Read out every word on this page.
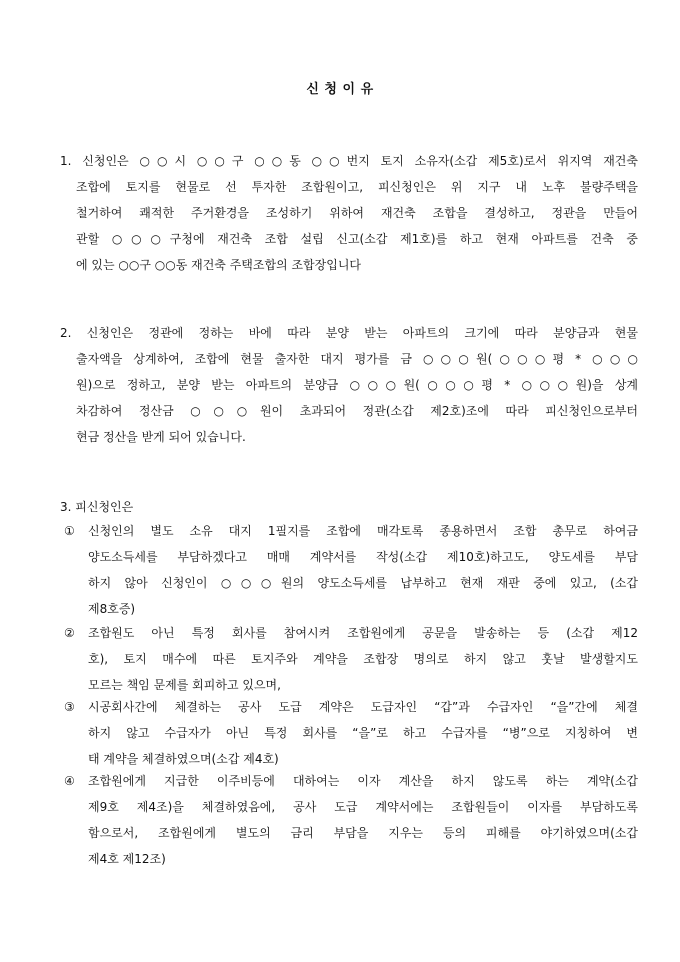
신 청 이 유
1. 신청인은 ○○시 ○○구 ○○동 ○○번지 토지 소유자(소갑 제5호)로서 위지역 재건축
조합에 토지를 현물로 선 투자한 조합원이고, 피신청인은 위 지구 내 노후 불량주택을
철거하여 쾌적한 주거환경을 조성하기 위하여 재건축 조합을 결성하고, 정관을 만들어
관할 ○○○구청에 재건축 조합 설립 신고(소갑 제1호)를 하고 현재 아파트를 건축 중
에 있는 ○○구 ○○동 재건축 주택조합의 조합장입니다
2. 신청인은 정관에 정하는 바에 따라 분양 받는 아파트의 크기에 따라 분양금과 현물
출자액을 상계하여, 조합에 현물 출자한 대지 평가를 금 ○○○원(○○○평 * ○○○
원)으로 정하고, 분양 받는 아파트의 분양금 ○○○원(○○○평 * ○○○원)을 상계
차감하여 정산금 ○○○원이 초과되어 정관(소갑 제2호)조에 따라 피신청인으로부터
현금 정산을 받게 되어 있습니다.
3. 피신청인은
①	신청인의 별도 소유 대지 1필지를 조합에 매각토록 종용하면서 조합 총무로 하여금
양도소득세를 부담하겠다고 매매 계약서를 작성(소갑 제10호)하고도, 양도세를 부담
하지 않아 신청인이 ○○○원의 양도소득세를 납부하고 현재 재판 중에 있고, (소갑
제8호증)
②	조합원도 아닌 특정 회사를 참여시켜 조합원에게 공문을 발송하는 등 (소갑 제12
호), 토지 매수에 따른 토지주와 계약을 조합장 명의로 하지 않고 훗날 발생할지도
모르는 책임 문제를 회피하고 있으며,
③	시공회사간에 체결하는 공사 도급 계약은 도급자인 “갑”과 수급자인 “을”간에 체결
하지 않고 수급자가 아닌 특정 회사를 “을”로 하고 수급자를 “병”으로 지칭하여 변
태 계약을 체결하였으며(소갑 제4호)
④	조합원에게 지급한 이주비등에 대하여는 이자 계산을 하지 않도록 하는 계약(소갑
제9호 제4조)을 체결하였음에, 공사 도급 계약서에는 조합원들이 이자를 부담하도록
함으로서, 조합원에게 별도의 금리 부담을 지우는 등의 피해를 야기하였으며(소갑
제4호 제12조)
